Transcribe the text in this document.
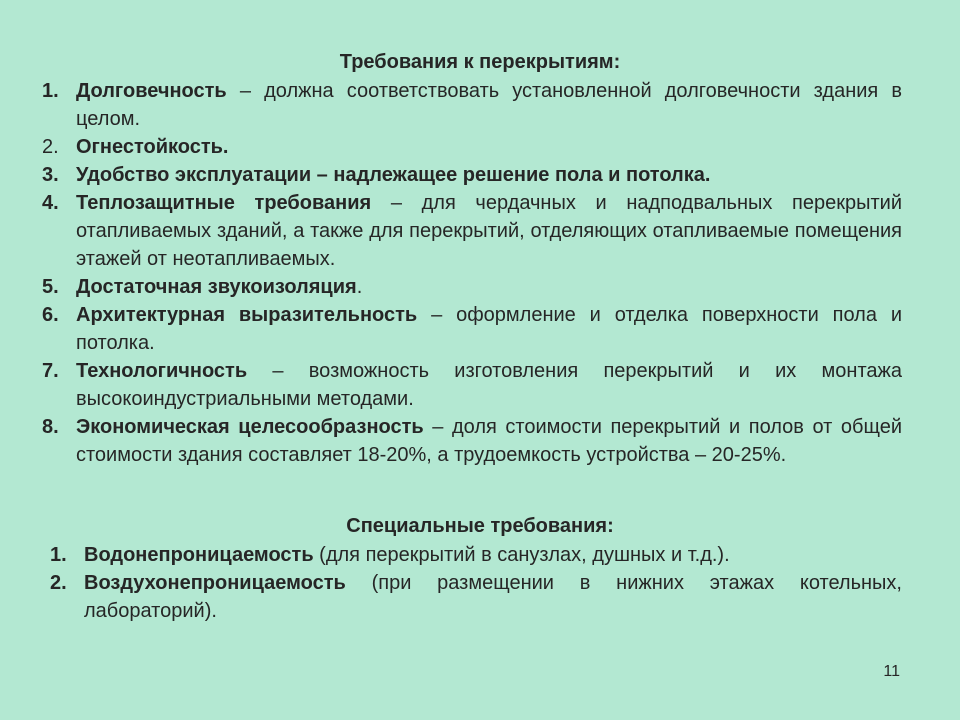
Требования к перекрытиям:
1. Долговечность – должна соответствовать установленной долговечности здания в целом.
2. Огнестойкость.
3. Удобство эксплуатации – надлежащее решение пола и потолка.
4. Теплозащитные требования – для чердачных и надподвальных перекрытий отапливаемых зданий, а также для перекрытий, отделяющих отапливаемые помещения этажей от неотапливаемых.
5. Достаточная звукоизоляция.
6. Архитектурная выразительность – оформление и отделка поверхности пола и потолка.
7. Технологичность – возможность изготовления перекрытий и их монтажа высокоиндустриальными методами.
8. Экономическая целесообразность – доля стоимости перекрытий и полов от общей стоимости здания составляет 18-20%, а трудоемкость устройства – 20-25%.
Специальные требования:
1. Водонепроницаемость (для перекрытий в санузлах, душных и т.д.).
2. Воздухонепроницаемость (при размещении в нижних этажах котельных, лабораторий).
11
